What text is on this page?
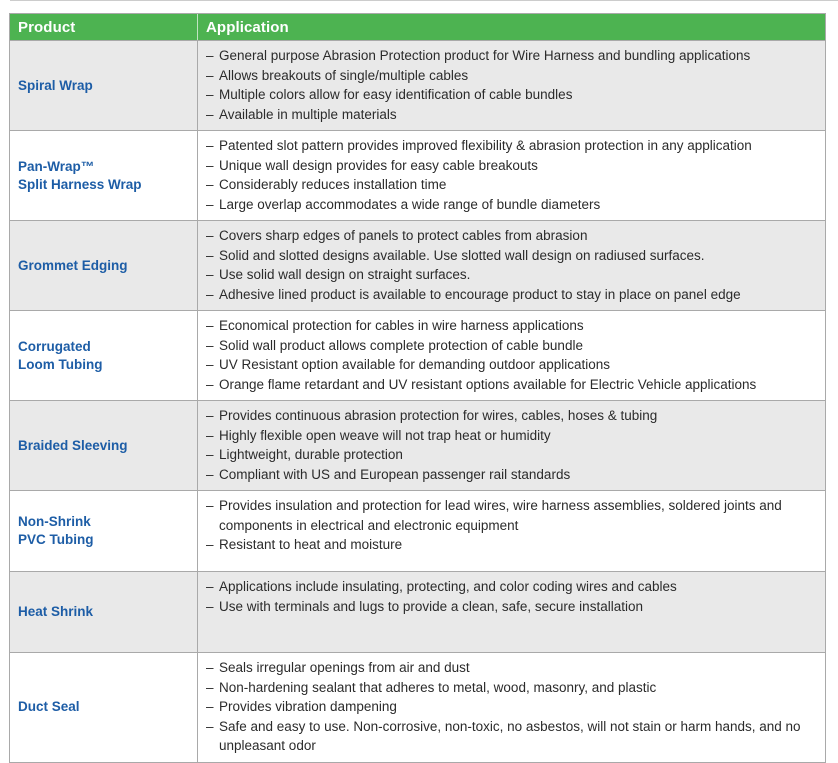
Product	Application
Spiral Wrap
– General purpose Abrasion Protection product for Wire Harness and bundling applications
– Allows breakouts of single/multiple cables
– Multiple colors allow for easy identification of cable bundles
– Available in multiple materials
Pan-Wrap™
Split Harness Wrap
– Patented slot pattern provides improved flexibility & abrasion protection in any application
– Unique wall design provides for easy cable breakouts
– Considerably reduces installation time
– Large overlap accommodates a wide range of bundle diameters
Grommet Edging
– Covers sharp edges of panels to protect cables from abrasion
– Solid and slotted designs available. Use slotted wall design on radiused surfaces.
– Use solid wall design on straight surfaces.
– Adhesive lined product is available to encourage product to stay in place on panel edge
Corrugated
Loom Tubing
– Economical protection for cables in wire harness applications
– Solid wall product allows complete protection of cable bundle
– UV Resistant option available for demanding outdoor applications
– Orange flame retardant and UV resistant options available for Electric Vehicle applications
Braided Sleeving
– Provides continuous abrasion protection for wires, cables, hoses & tubing
– Highly flexible open weave will not trap heat or humidity
– Lightweight, durable protection
– Compliant with US and European passenger rail standards
Non-Shrink
PVC Tubing
– Provides insulation and protection for lead wires, wire harness assemblies, soldered joints and components in electrical and electronic equipment
– Resistant to heat and moisture
Heat Shrink
– Applications include insulating, protecting, and color coding wires and cables
– Use with terminals and lugs to provide a clean, safe, secure installation
Duct Seal
– Seals irregular openings from air and dust
– Non-hardening sealant that adheres to metal, wood, masonry, and plastic
– Provides vibration dampening
– Safe and easy to use. Non-corrosive, non-toxic, no asbestos, will not stain or harm hands, and no unpleasant odor
